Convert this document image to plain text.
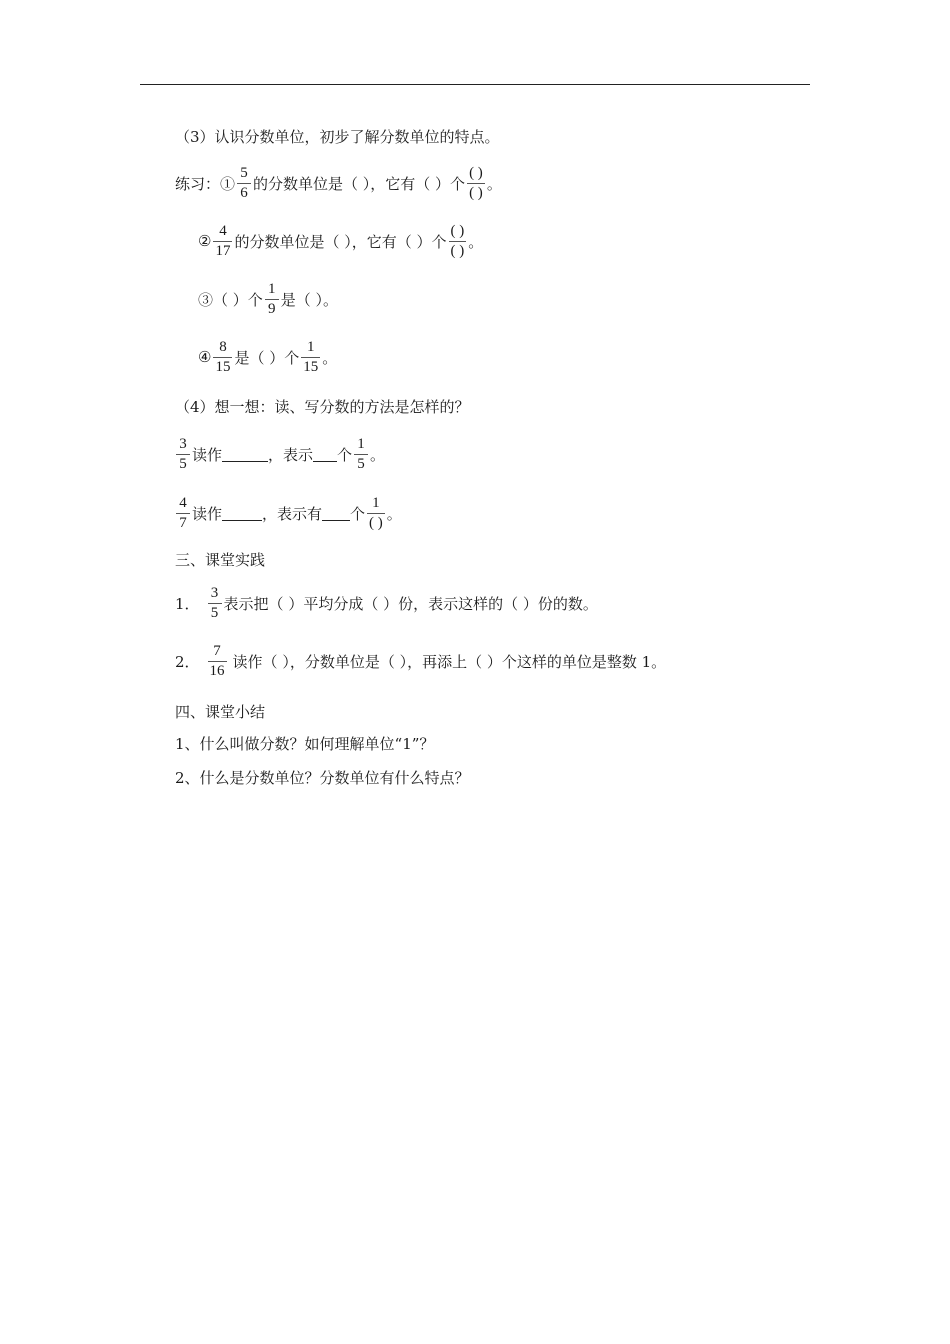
（3）认识分数单位，初步了解分数单位的特点。
练习：① $\frac{5}{6}$ 的分数单位是（ ），它有（ ）个 $\frac{( )}{( )}$ 。
② $\frac{4}{17}$ 的分数单位是（ ），它有（ ）个 $\frac{( )}{( )}$ 。
③（ ）个 $\frac{1}{9}$ 是（ ）。
④ $\frac{8}{15}$ 是（ ）个 $\frac{1}{15}$ 。
（4）想一想：读、写分数的方法是怎样的？
$\frac{3}{5}$ 读作	，表示 个 $\frac{1}{5}$ 。
$\frac{4}{7}$ 读作	，表示有 个 $\frac{1}{( )}$ 。
三、课堂实践
1． $\frac{3}{5}$ 表示把（ ）平均分成（ ）份，表示这样的（ ）份的数。
2． $\frac{7}{16}$ 读作（ ），分数单位是（ ），再添上（ ）个这样的单位是整数 1。
四、课堂小结
1、什么叫做分数？如何理解单位“1”？
2、什么是分数单位？分数单位有什么特点？
